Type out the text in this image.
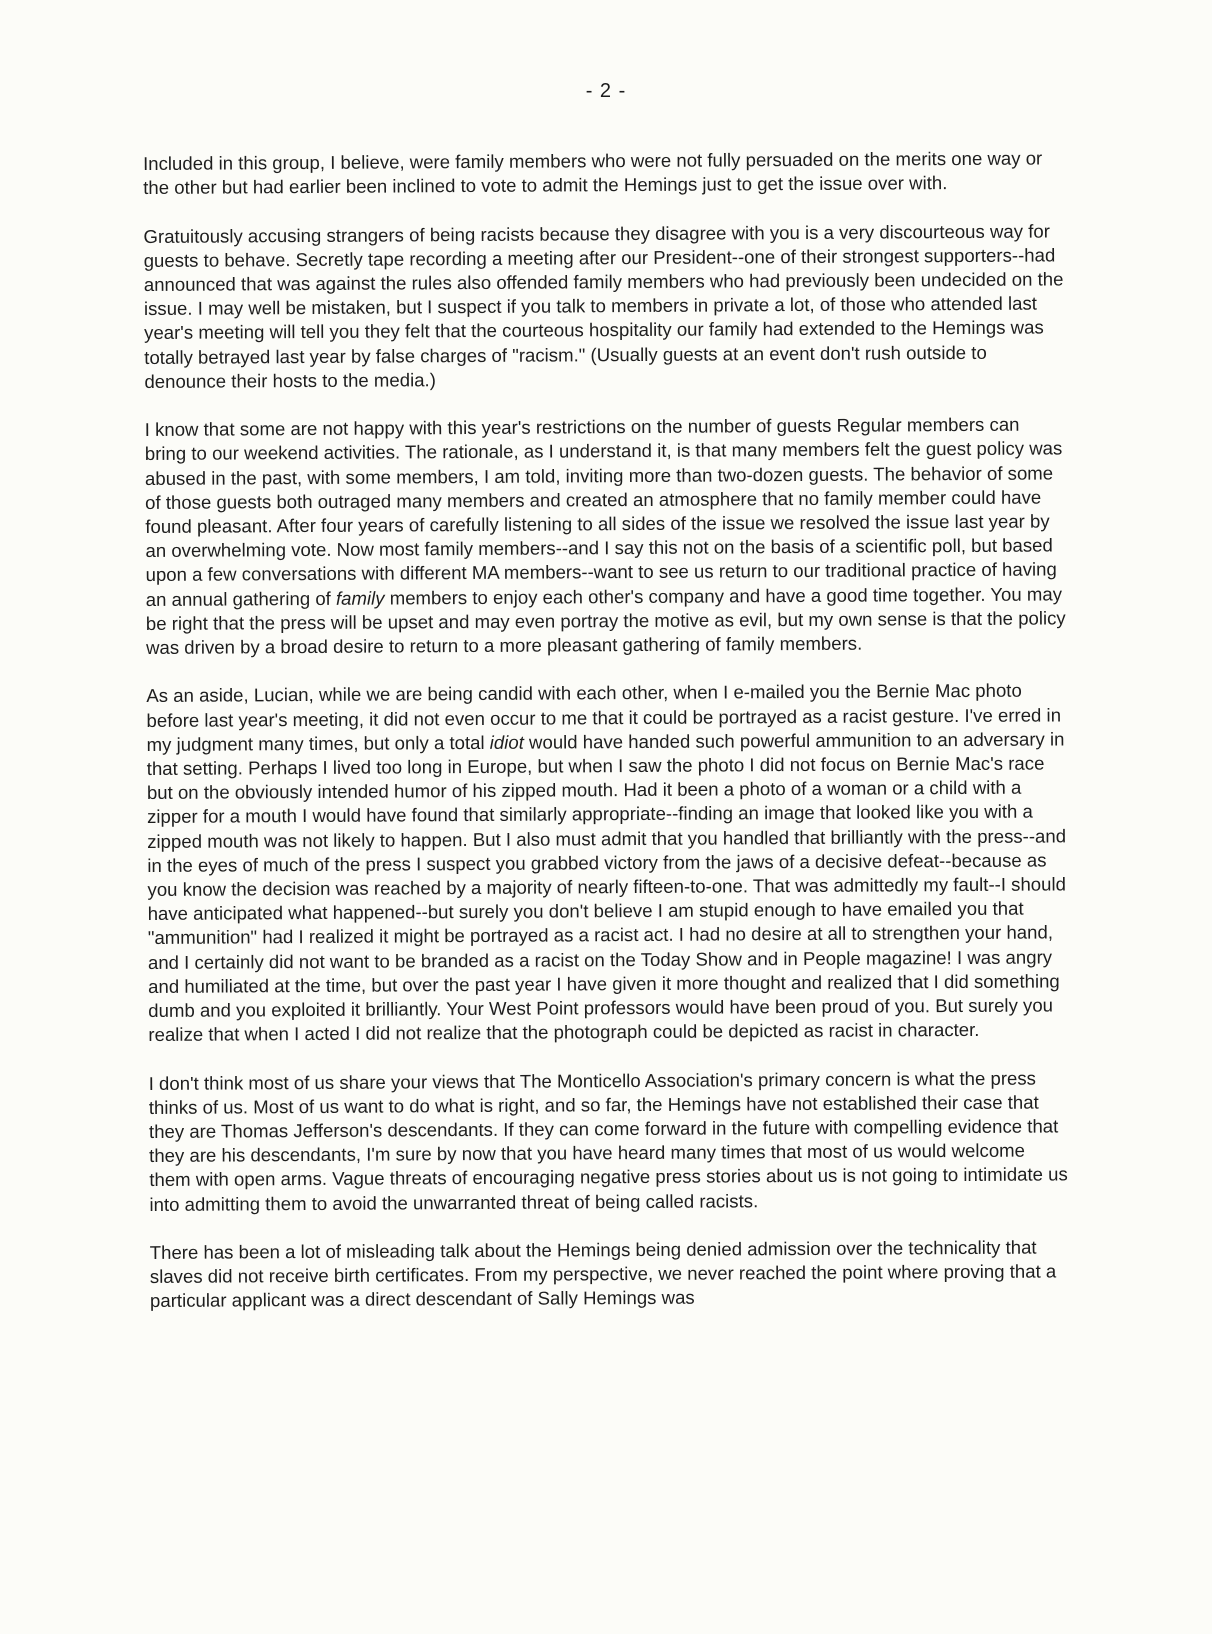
- 2 -

Included in this group, I believe, were family members who were not fully persuaded on the merits one way or the other but had earlier been inclined to vote to admit the Hemings just to get the issue over with.

Gratuitously accusing strangers of being racists because they disagree with you is a very discourteous way for guests to behave. Secretly tape recording a meeting after our President--one of their strongest supporters--had announced that was against the rules also offended family members who had previously been undecided on the issue. I may well be mistaken, but I suspect if you talk to members in private a lot, of those who attended last year's meeting will tell you they felt that the courteous hospitality our family had extended to the Hemings was totally betrayed last year by false charges of "racism." (Usually guests at an event don't rush outside to denounce their hosts to the media.)

I know that some are not happy with this year's restrictions on the number of guests Regular members can bring to our weekend activities. The rationale, as I understand it, is that many members felt the guest policy was abused in the past, with some members, I am told, inviting more than two-dozen guests. The behavior of some of those guests both outraged many members and created an atmosphere that no family member could have found pleasant. After four years of carefully listening to all sides of the issue we resolved the issue last year by an overwhelming vote. Now most family members--and I say this not on the basis of a scientific poll, but based upon a few conversations with different MA members--want to see us return to our traditional practice of having an annual gathering of family members to enjoy each other's company and have a good time together. You may be right that the press will be upset and may even portray the motive as evil, but my own sense is that the policy was driven by a broad desire to return to a more pleasant gathering of family members.

As an aside, Lucian, while we are being candid with each other, when I e-mailed you the Bernie Mac photo before last year's meeting, it did not even occur to me that it could be portrayed as a racist gesture. I've erred in my judgment many times, but only a total idiot would have handed such powerful ammunition to an adversary in that setting. Perhaps I lived too long in Europe, but when I saw the photo I did not focus on Bernie Mac's race but on the obviously intended humor of his zipped mouth. Had it been a photo of a woman or a child with a zipper for a mouth I would have found that similarly appropriate--finding an image that looked like you with a zipped mouth was not likely to happen. But I also must admit that you handled that brilliantly with the press--and in the eyes of much of the press I suspect you grabbed victory from the jaws of a decisive defeat--because as you know the decision was reached by a majority of nearly fifteen-to-one. That was admittedly my fault--I should have anticipated what happened--but surely you don't believe I am stupid enough to have emailed you that "ammunition" had I realized it might be portrayed as a racist act. I had no desire at all to strengthen your hand, and I certainly did not want to be branded as a racist on the Today Show and in People magazine! I was angry and humiliated at the time, but over the past year I have given it more thought and realized that I did something dumb and you exploited it brilliantly. Your West Point professors would have been proud of you. But surely you realize that when I acted I did not realize that the photograph could be depicted as racist in character.

I don't think most of us share your views that The Monticello Association's primary concern is what the press thinks of us. Most of us want to do what is right, and so far, the Hemings have not established their case that they are Thomas Jefferson's descendants. If they can come forward in the future with compelling evidence that they are his descendants, I'm sure by now that you have heard many times that most of us would welcome them with open arms. Vague threats of encouraging negative press stories about us is not going to intimidate us into admitting them to avoid the unwarranted threat of being called racists.

There has been a lot of misleading talk about the Hemings being denied admission over the technicality that slaves did not receive birth certificates. From my perspective, we never reached the point where proving that a particular applicant was a direct descendant of Sally Hemings was
